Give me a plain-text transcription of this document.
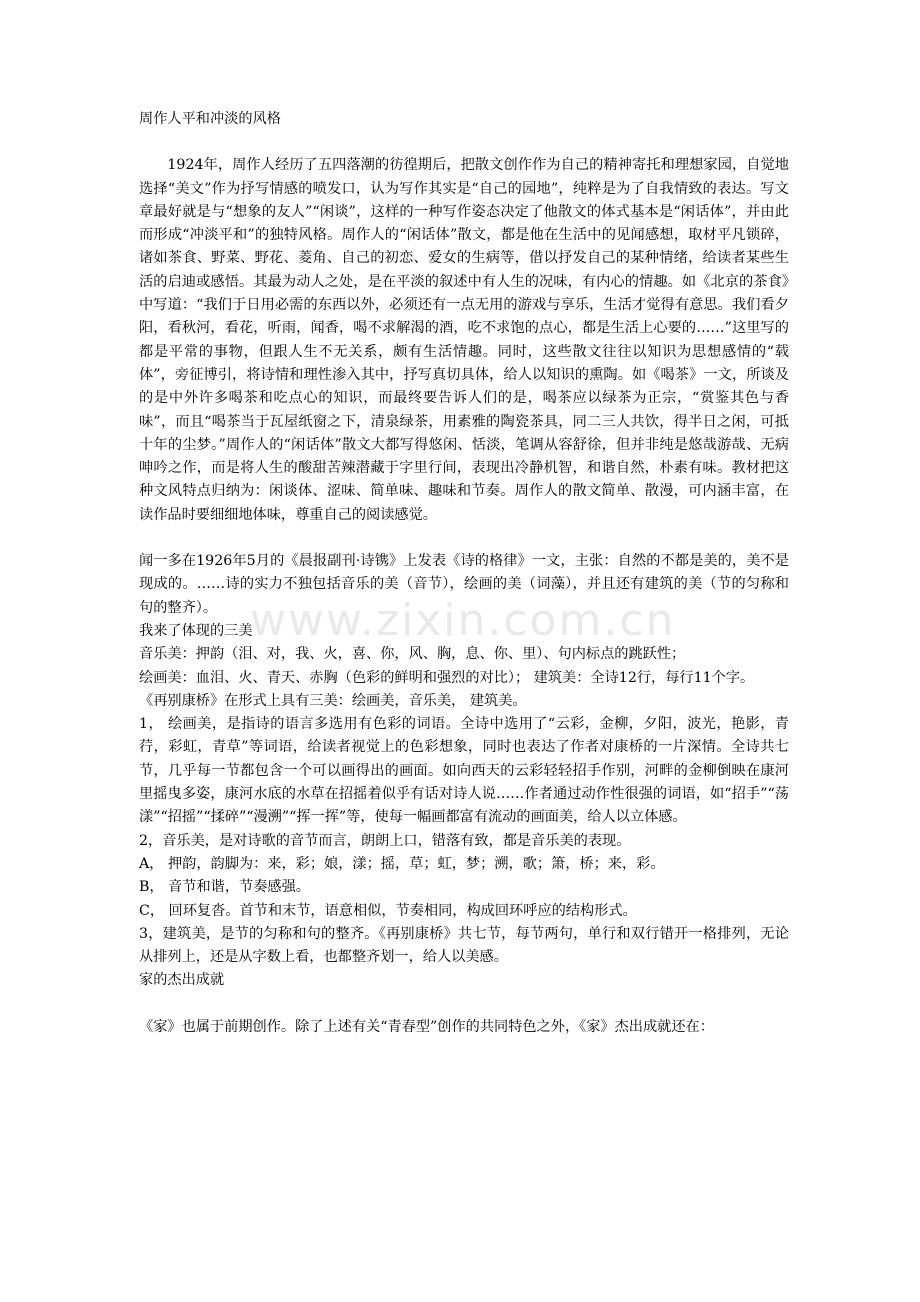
www.zixin.com.cn

周作人平和冲淡的风格

1924年，周作人经历了五四落潮的彷徨期后，把散文创作作为自己的精神寄托和理想家园，自觉地选择“美文”作为抒写情感的喷发口，认为写作其实是“自己的园地”，纯粹是为了自我情致的表达。写文章最好就是与“想象的友人”“闲谈”，这样的一种写作姿态决定了他散文的体式基本是“闲话体”，并由此而形成“冲淡平和”的独特风格。周作人的“闲话体”散文，都是他在生活中的见闻感想，取材平凡锁碎，诸如茶食、野菜、野花、菱角、自己的初恋、爱女的生病等，借以抒发自己的某种情绪，给读者某些生活的启迪或感悟。其最为动人之处，是在平淡的叙述中有人生的况味，有内心的情趣。如《北京的茶食》中写道：“我们于日用必需的东西以外，必须还有一点无用的游戏与享乐，生活才觉得有意思。我们看夕阳，看秋河，看花，听雨，闻香，喝不求解渴的酒，吃不求饱的点心，都是生活上心要的……”这里写的都是平常的事物，但跟人生不无关系，颇有生活情趣。同时，这些散文往往以知识为思想感情的“载体”，旁征博引，将诗情和理性渗入其中，抒写真切具体，给人以知识的熏陶。如《喝茶》一文，所谈及的是中外许多喝茶和吃点心的知识，而最终要告诉人们的是，喝茶应以绿茶为正宗，“赏鉴其色与香味”，而且“喝茶当于瓦屋纸窗之下，清泉绿茶，用素雅的陶瓷茶具，同二三人共饮，得半日之闲，可抵十年的尘梦。”周作人的“闲话体”散文大都写得悠闲、恬淡，笔调从容舒徐，但并非纯是悠哉游哉、无病呻吟之作，而是将人生的酸甜苦辣潜藏于字里行间，表现出冷静机智，和谐自然，朴素有味。教材把这种文风特点归纳为：闲谈体、涩味、简单味、趣味和节奏。周作人的散文简单、散漫，可内涵丰富，在读作品时要细细地体味，尊重自己的阅读感觉。

闻一多在1926年5月的《晨报副刊·诗镌》上发表《诗的格律》一文，主张：自然的不都是美的，美不是现成的。……诗的实力不独包括音乐的美（音节），绘画的美（词藻），并且还有建筑的美（节的匀称和句的整齐）。

我来了体现的三美

音乐美：押韵（泪、对，我、火，喜、你，风、胸，息、你、里）、句内标点的跳跃性；

绘画美：血泪、火、青天、赤胸（色彩的鲜明和强烈的对比）； 建筑美：全诗12行，每行11个字。

《再别康桥》在形式上具有三美：绘画美，音乐美， 建筑美。

1， 绘画美，是指诗的语言多选用有色彩的词语。全诗中选用了“云彩，金柳，夕阳，波光，艳影，青荇，彩虹，青草”等词语，给读者视觉上的色彩想象，同时也表达了作者对康桥的一片深情。全诗共七节，几乎每一节都包含一个可以画得出的画面。如向西天的云彩轻轻招手作别，河畔的金柳倒映在康河里摇曳多姿，康河水底的水草在招摇着似乎有话对诗人说……作者通过动作性很强的词语，如“招手”“荡漾”“招摇”“揉碎”“漫溯”“挥一挥”等，使每一幅画都富有流动的画面美，给人以立体感。

2，音乐美，是对诗歌的音节而言，朗朗上口，错落有致，都是音乐美的表现。

A， 押韵，韵脚为：来，彩；娘，漾；摇，草；虹，梦；溯，歌；箫，桥；来，彩。

B， 音节和谐，节奏感强。

C， 回环复沓。首节和末节，语意相似，节奏相同，构成回环呼应的结构形式。

3，建筑美，是节的匀称和句的整齐。《再别康桥》共七节，每节两句，单行和双行错开一格排列，无论从排列上，还是从字数上看，也都整齐划一，给人以美感。

家的杰出成就

《家》也属于前期创作。除了上述有关“青春型”创作的共同特色之外，《家》杰出成就还在：
